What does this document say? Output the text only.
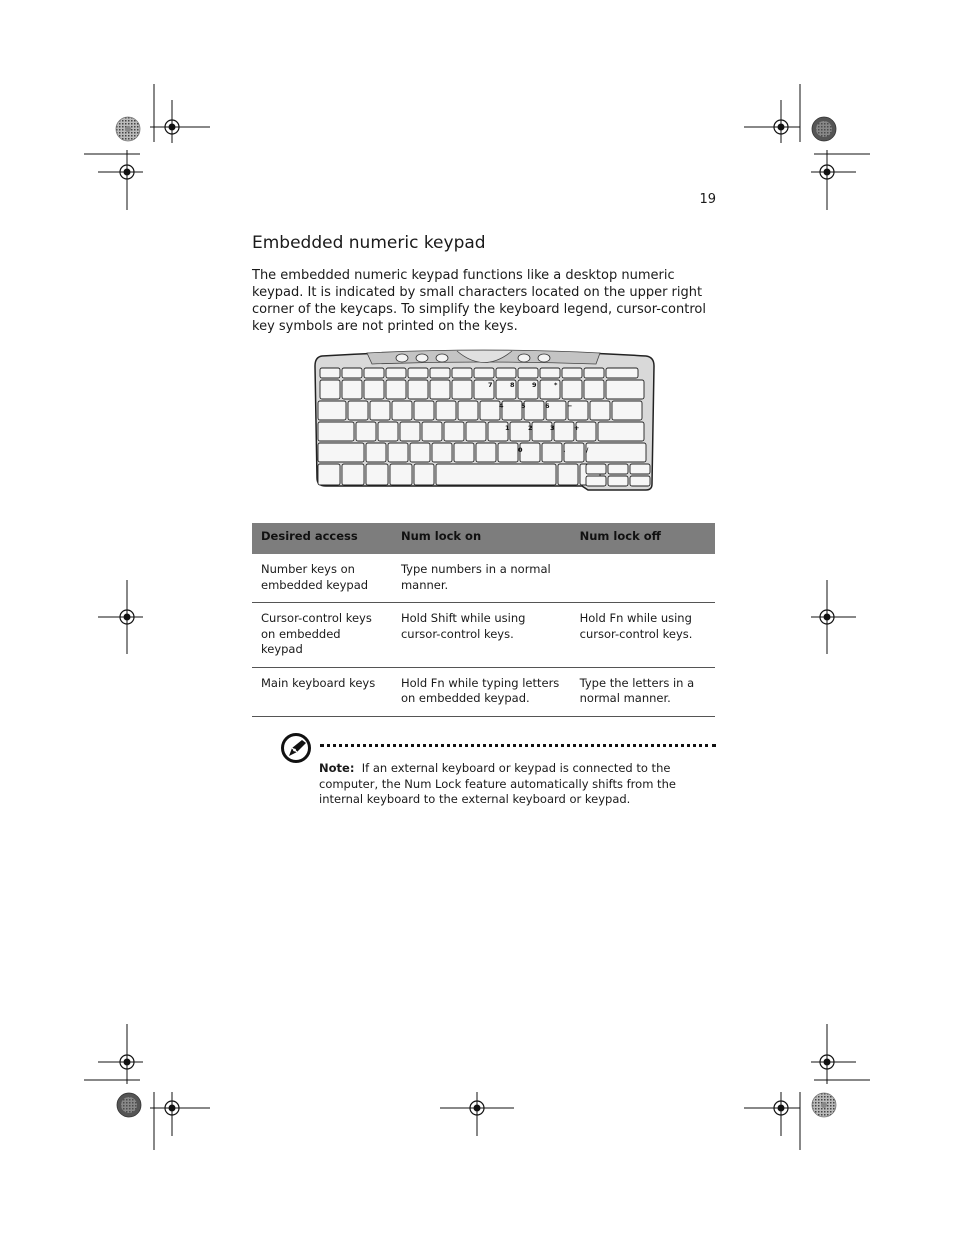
19
Embedded numeric keypad

The embedded numeric keypad functions like a desktop numeric keypad. It is indicated by small characters located on the upper right corner of the keycaps. To simplify the keyboard legend, cursor-control key symbols are not printed on the keys.

7	8	9	*
4	5	6	−
1	2	3	+
0	.	/
Desired access	Num lock on	Num lock off
Number keys on embedded keypad	Type numbers in a normal manner.	
Cursor-control keys on embedded keypad	Hold Shift while using cursor-control keys.	Hold Fn while using cursor-control keys.
Main keyboard keys	Hold Fn while typing letters on embedded keypad.	Type the letters in a normal manner.

Note: If an external keyboard or keypad is connected to the computer, the Num Lock feature automatically shifts from the internal keyboard to the external keyboard or keypad.
